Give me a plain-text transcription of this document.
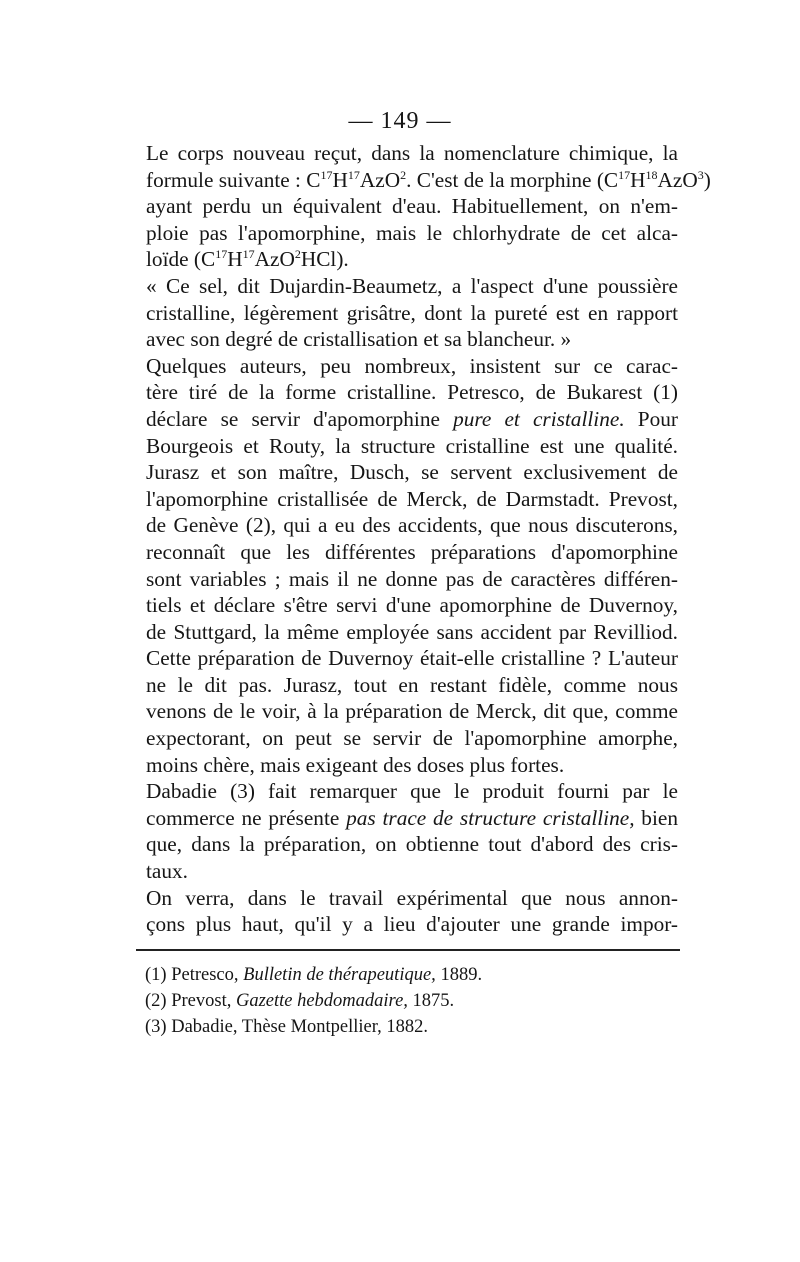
— 149 —

Le corps nouveau reçut, dans la nomenclature chimique, la
formule suivante : $C^{17}H^{17}AzO^2$. C'est de la morphine $(C^{17}H^{18}AzO^3)$
ayant perdu un équivalent d'eau. Habituellement, on n'em-
ploie pas l'apomorphine, mais le chlorhydrate de cet alca-
loïde $(C^{17}H^{17}AzO^2HCl)$.

« Ce sel, dit Dujardin-Beaumetz, a l'aspect d'une poussière
cristalline, légèrement grisâtre, dont la pureté est en rapport
avec son degré de cristallisation et sa blancheur. »

Quelques auteurs, peu nombreux, insistent sur ce carac-
tère tiré de la forme cristalline. Petresco, de Bukarest (1)
déclare se servir d'apomorphine pure et cristalline. Pour
Bourgeois et Routy, la structure cristalline est une qualité.
Jurasz et son maître, Dusch, se servent exclusivement de
l'apomorphine cristallisée de Merck, de Darmstadt. Prevost,
de Genève (2), qui a eu des accidents, que nous discuterons,
reconnaît que les différentes préparations d'apomorphine
sont variables ; mais il ne donne pas de caractères différen-
tiels et déclare s'être servi d'une apomorphine de Duvernoy,
de Stuttgard, la même employée sans accident par Revilliod.
Cette préparation de Duvernoy était-elle cristalline ? L'auteur
ne le dit pas. Jurasz, tout en restant fidèle, comme nous
venons de le voir, à la préparation de Merck, dit que, comme
expectorant, on peut se servir de l'apomorphine amorphe,
moins chère, mais exigeant des doses plus fortes.

Dabadie (3) fait remarquer que le produit fourni par le
commerce ne présente pas trace de structure cristalline, bien
que, dans la préparation, on obtienne tout d'abord des cris-
taux.

On verra, dans le travail expérimental que nous annon-
çons plus haut, qu'il y a lieu d'ajouter une grande impor-

(1) Petresco, Bulletin de thérapeutique, 1889.
(2) Prevost, Gazette hebdomadaire, 1875.
(3) Dabadie, Thèse Montpellier, 1882.
